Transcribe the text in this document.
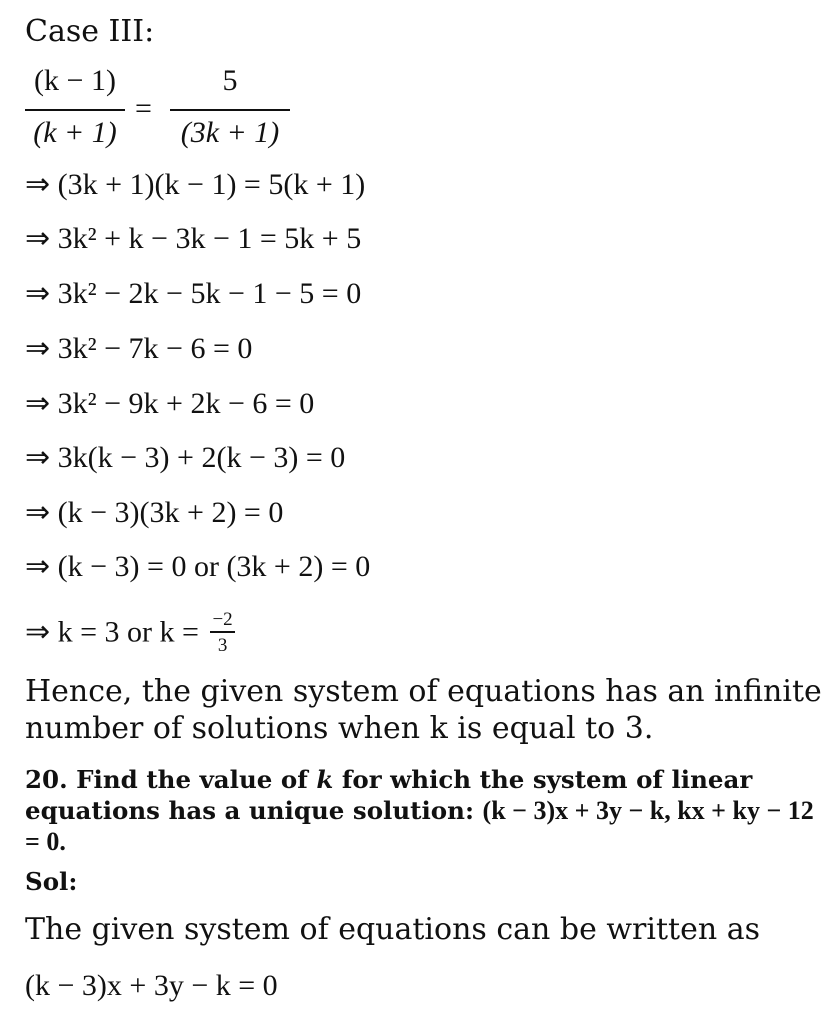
Case III:
(k − 1)
(k + 1)
=
5
(3k + 1)
⇒ (3k + 1)(k − 1) = 5(k + 1)
⇒ 3k² + k − 3k − 1 = 5k + 5
⇒ 3k² − 2k − 5k − 1 − 5 = 0
⇒ 3k² − 7k − 6 = 0
⇒ 3k² − 9k + 2k − 6 = 0
⇒ 3k(k − 3) + 2(k − 3) = 0
⇒ (k − 3)(3k + 2) = 0
⇒ (k − 3) = 0 or (3k + 2) = 0
⇒ k = 3 or $k = \frac{-2}{3}$
Hence, the given system of equations has an infinite
number of solutions when k is equal to 3.
20. Find the value of k for which the system of linear equations has a unique solution: (k − 3)x + 3y − k, kx + ky − 12 = 0.
Sol:
The given system of equations can be written as
(k − 3)x + 3y − k = 0
